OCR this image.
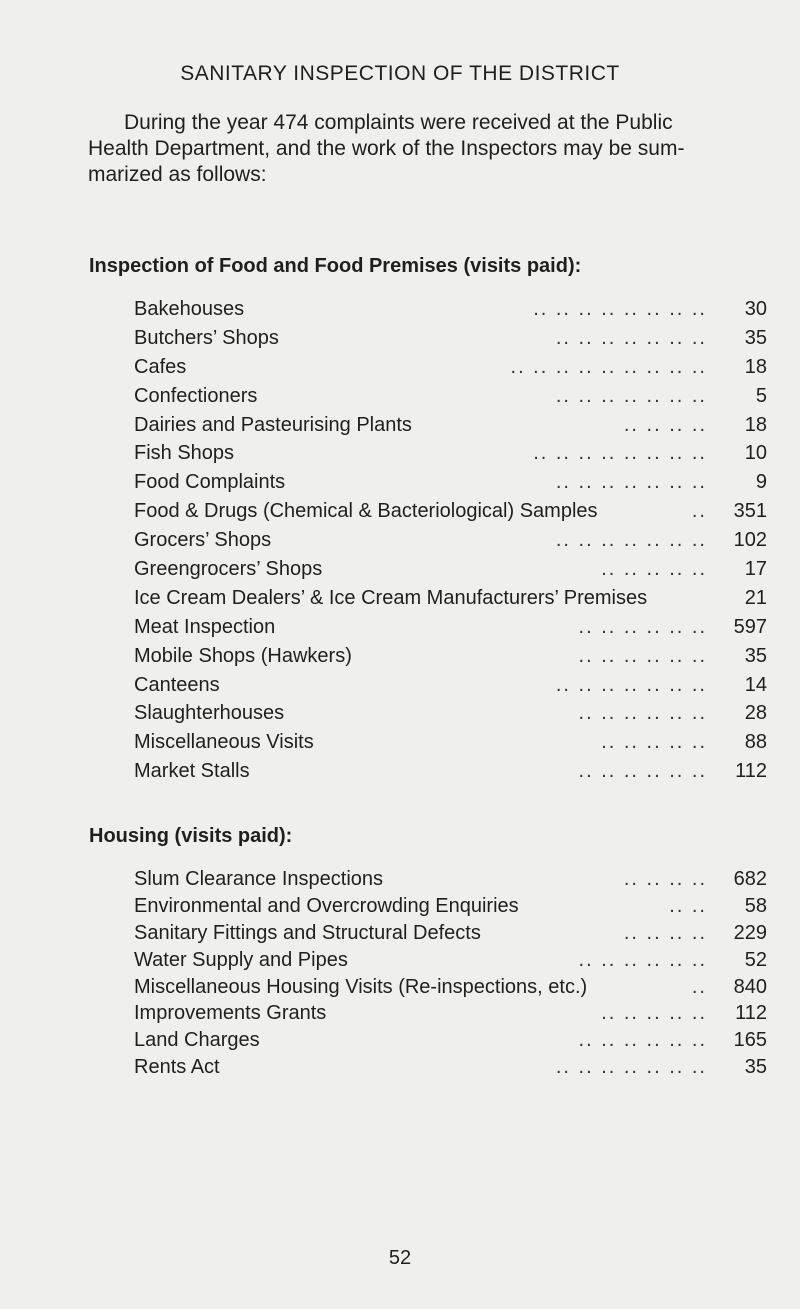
SANITARY INSPECTION OF THE DISTRICT
During the year 474 complaints were received at the Public
Health Department, and the work of the Inspectors may be sum-
marized as follows:
Inspection of Food and Food Premises (visits paid):
.. .. .. .. .. .. .. ..
Bakehouses	30
.. .. .. .. .. .. ..
Butchers’ Shops	35
.. .. .. .. .. .. .. .. ..
Cafes	18
.. .. .. .. .. .. ..
Confectioners	5
.. .. .. ..
Dairies and Pasteurising Plants	18
.. .. .. .. .. .. .. ..
Fish Shops	10
.. .. .. .. .. .. ..
Food Complaints	9
..
Food & Drugs (Chemical & Bacteriological) Samples	351
.. .. .. .. .. .. ..
Grocers’ Shops	102
.. .. .. .. ..
Greengrocers’ Shops	17
Ice Cream Dealers’ & Ice Cream Manufacturers’ Premises	21
.. .. .. .. .. ..
Meat Inspection	597
.. .. .. .. .. ..
Mobile Shops (Hawkers)	35
.. .. .. .. .. .. ..
Canteens	14
.. .. .. .. .. ..
Slaughterhouses	28
.. .. .. .. ..
Miscellaneous Visits	88
.. .. .. .. .. ..
Market Stalls	112
Housing (visits paid):
.. .. .. ..
Slum Clearance Inspections	682
.. ..
Environmental and Overcrowding Enquiries	58
.. .. .. ..
Sanitary Fittings and Structural Defects	229
.. .. .. .. .. ..
Water Supply and Pipes	52
..
Miscellaneous Housing Visits (Re-inspections, etc.)	840
.. .. .. .. ..
Improvements Grants	112
.. .. .. .. .. ..
Land Charges	165
.. .. .. .. .. .. ..
Rents Act	35
52
